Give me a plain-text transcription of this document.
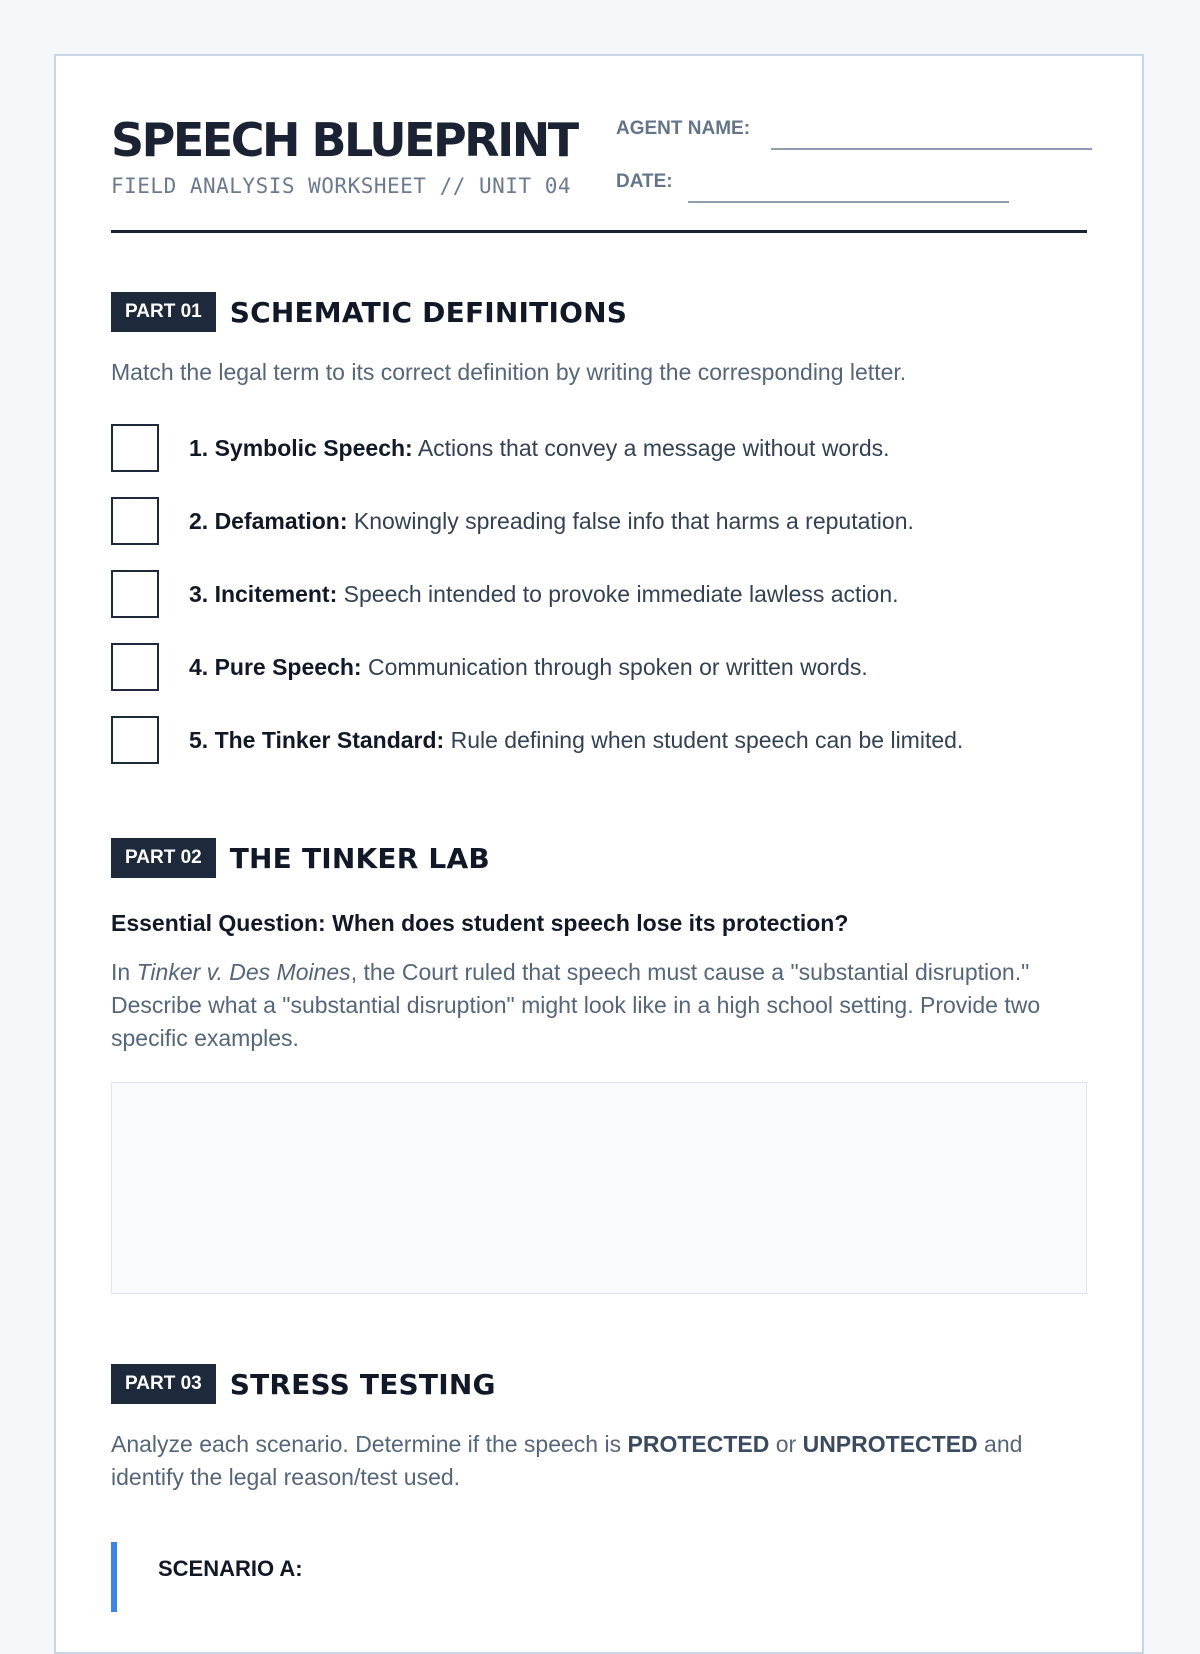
SPEECH BLUEPRINT
FIELD ANALYSIS WORKSHEET // UNIT 04
AGENT NAME:
DATE:
PART 01	SCHEMATIC DEFINITIONS
Match the legal term to its correct definition by writing the corresponding letter.
1. Symbolic Speech: Actions that convey a message without words.
2. Defamation: Knowingly spreading false info that harms a reputation.
3. Incitement: Speech intended to provoke immediate lawless action.
4. Pure Speech: Communication through spoken or written words.
5. The Tinker Standard: Rule defining when student speech can be limited.
PART 02	THE TINKER LAB
Essential Question: When does student speech lose its protection?
In Tinker v. Des Moines, the Court ruled that speech must cause a "substantial disruption." Describe what a "substantial disruption" might look like in a high school setting. Provide two specific examples.
PART 03	STRESS TESTING
Analyze each scenario. Determine if the speech is PROTECTED or UNPROTECTED and identify the legal reason/test used.
SCENARIO A:
